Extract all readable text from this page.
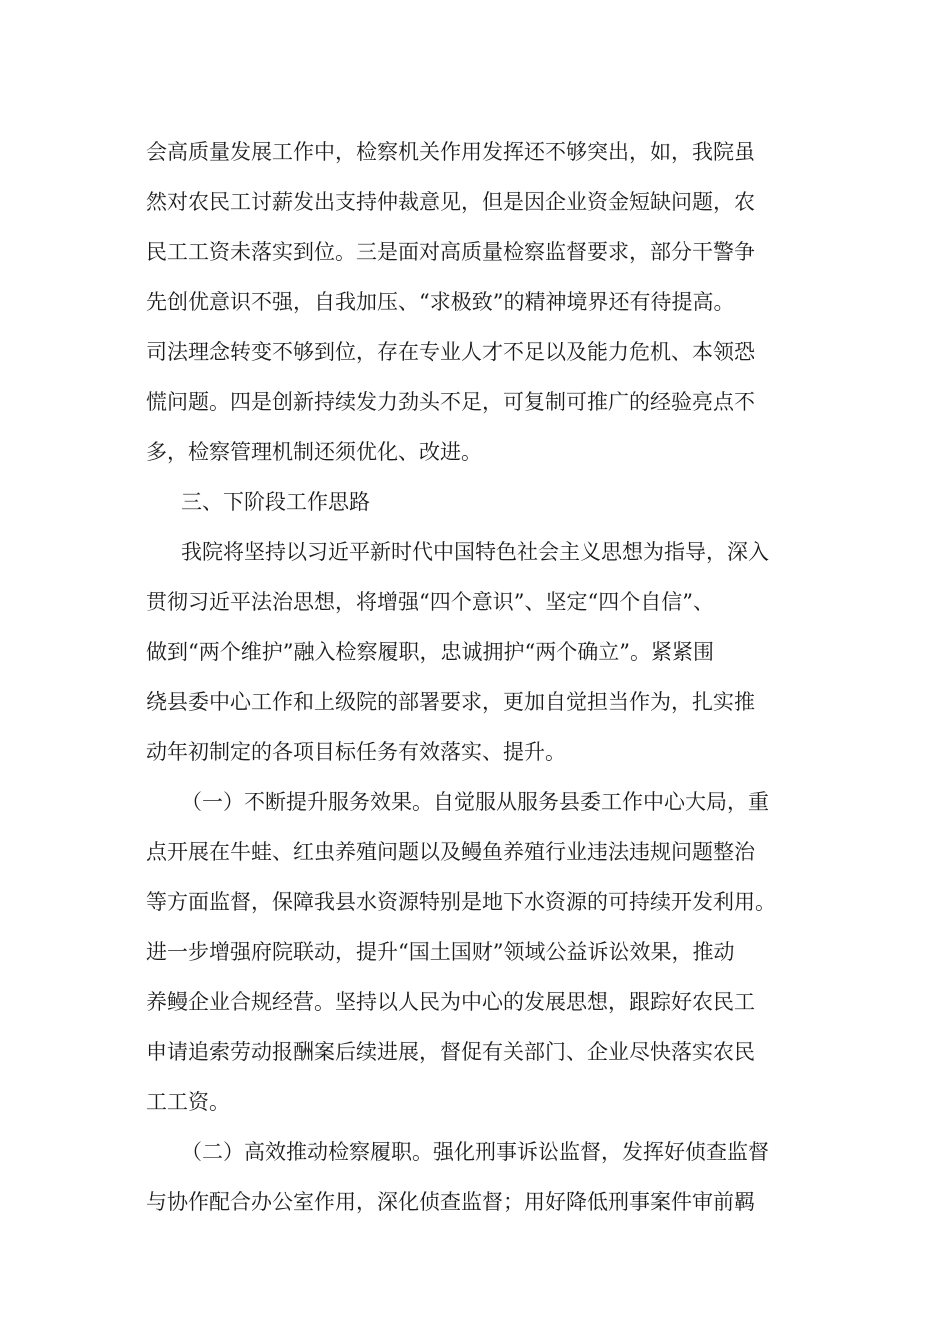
会高质量发展工作中，检察机关作用发挥还不够突出，如，我院虽

然对农民工讨薪发出支持仲裁意见，但是因企业资金短缺问题，农

民工工资未落实到位。三是面对高质量检察监督要求，部分干警争

先创优意识不强，自我加压、“求极致”的精神境界还有待提高。

司法理念转变不够到位，存在专业人才不足以及能力危机、本领恐

慌问题。四是创新持续发力劲头不足，可复制可推广的经验亮点不

多，检察管理机制还须优化、改进。

三、下阶段工作思路

我院将坚持以习近平新时代中国特色社会主义思想为指导，深入

贯彻习近平法治思想，将增强“四个意识”、坚定“四个自信”、

做到“两个维护”融入检察履职，忠诚拥护“两个确立”。紧紧围

绕县委中心工作和上级院的部署要求，更加自觉担当作为，扎实推

动年初制定的各项目标任务有效落实、提升。

（一）不断提升服务效果。自觉服从服务县委工作中心大局，重

点开展在牛蛙、红虫养殖问题以及鳗鱼养殖行业违法违规问题整治

等方面监督，保障我县水资源特别是地下水资源的可持续开发利用。

进一步增强府院联动，提升“国土国财”领域公益诉讼效果，推动

养鳗企业合规经营。坚持以人民为中心的发展思想，跟踪好农民工

申请追索劳动报酬案后续进展，督促有关部门、企业尽快落实农民

工工资。

（二）高效推动检察履职。强化刑事诉讼监督，发挥好侦查监督

与协作配合办公室作用，深化侦查监督；用好降低刑事案件审前羁
